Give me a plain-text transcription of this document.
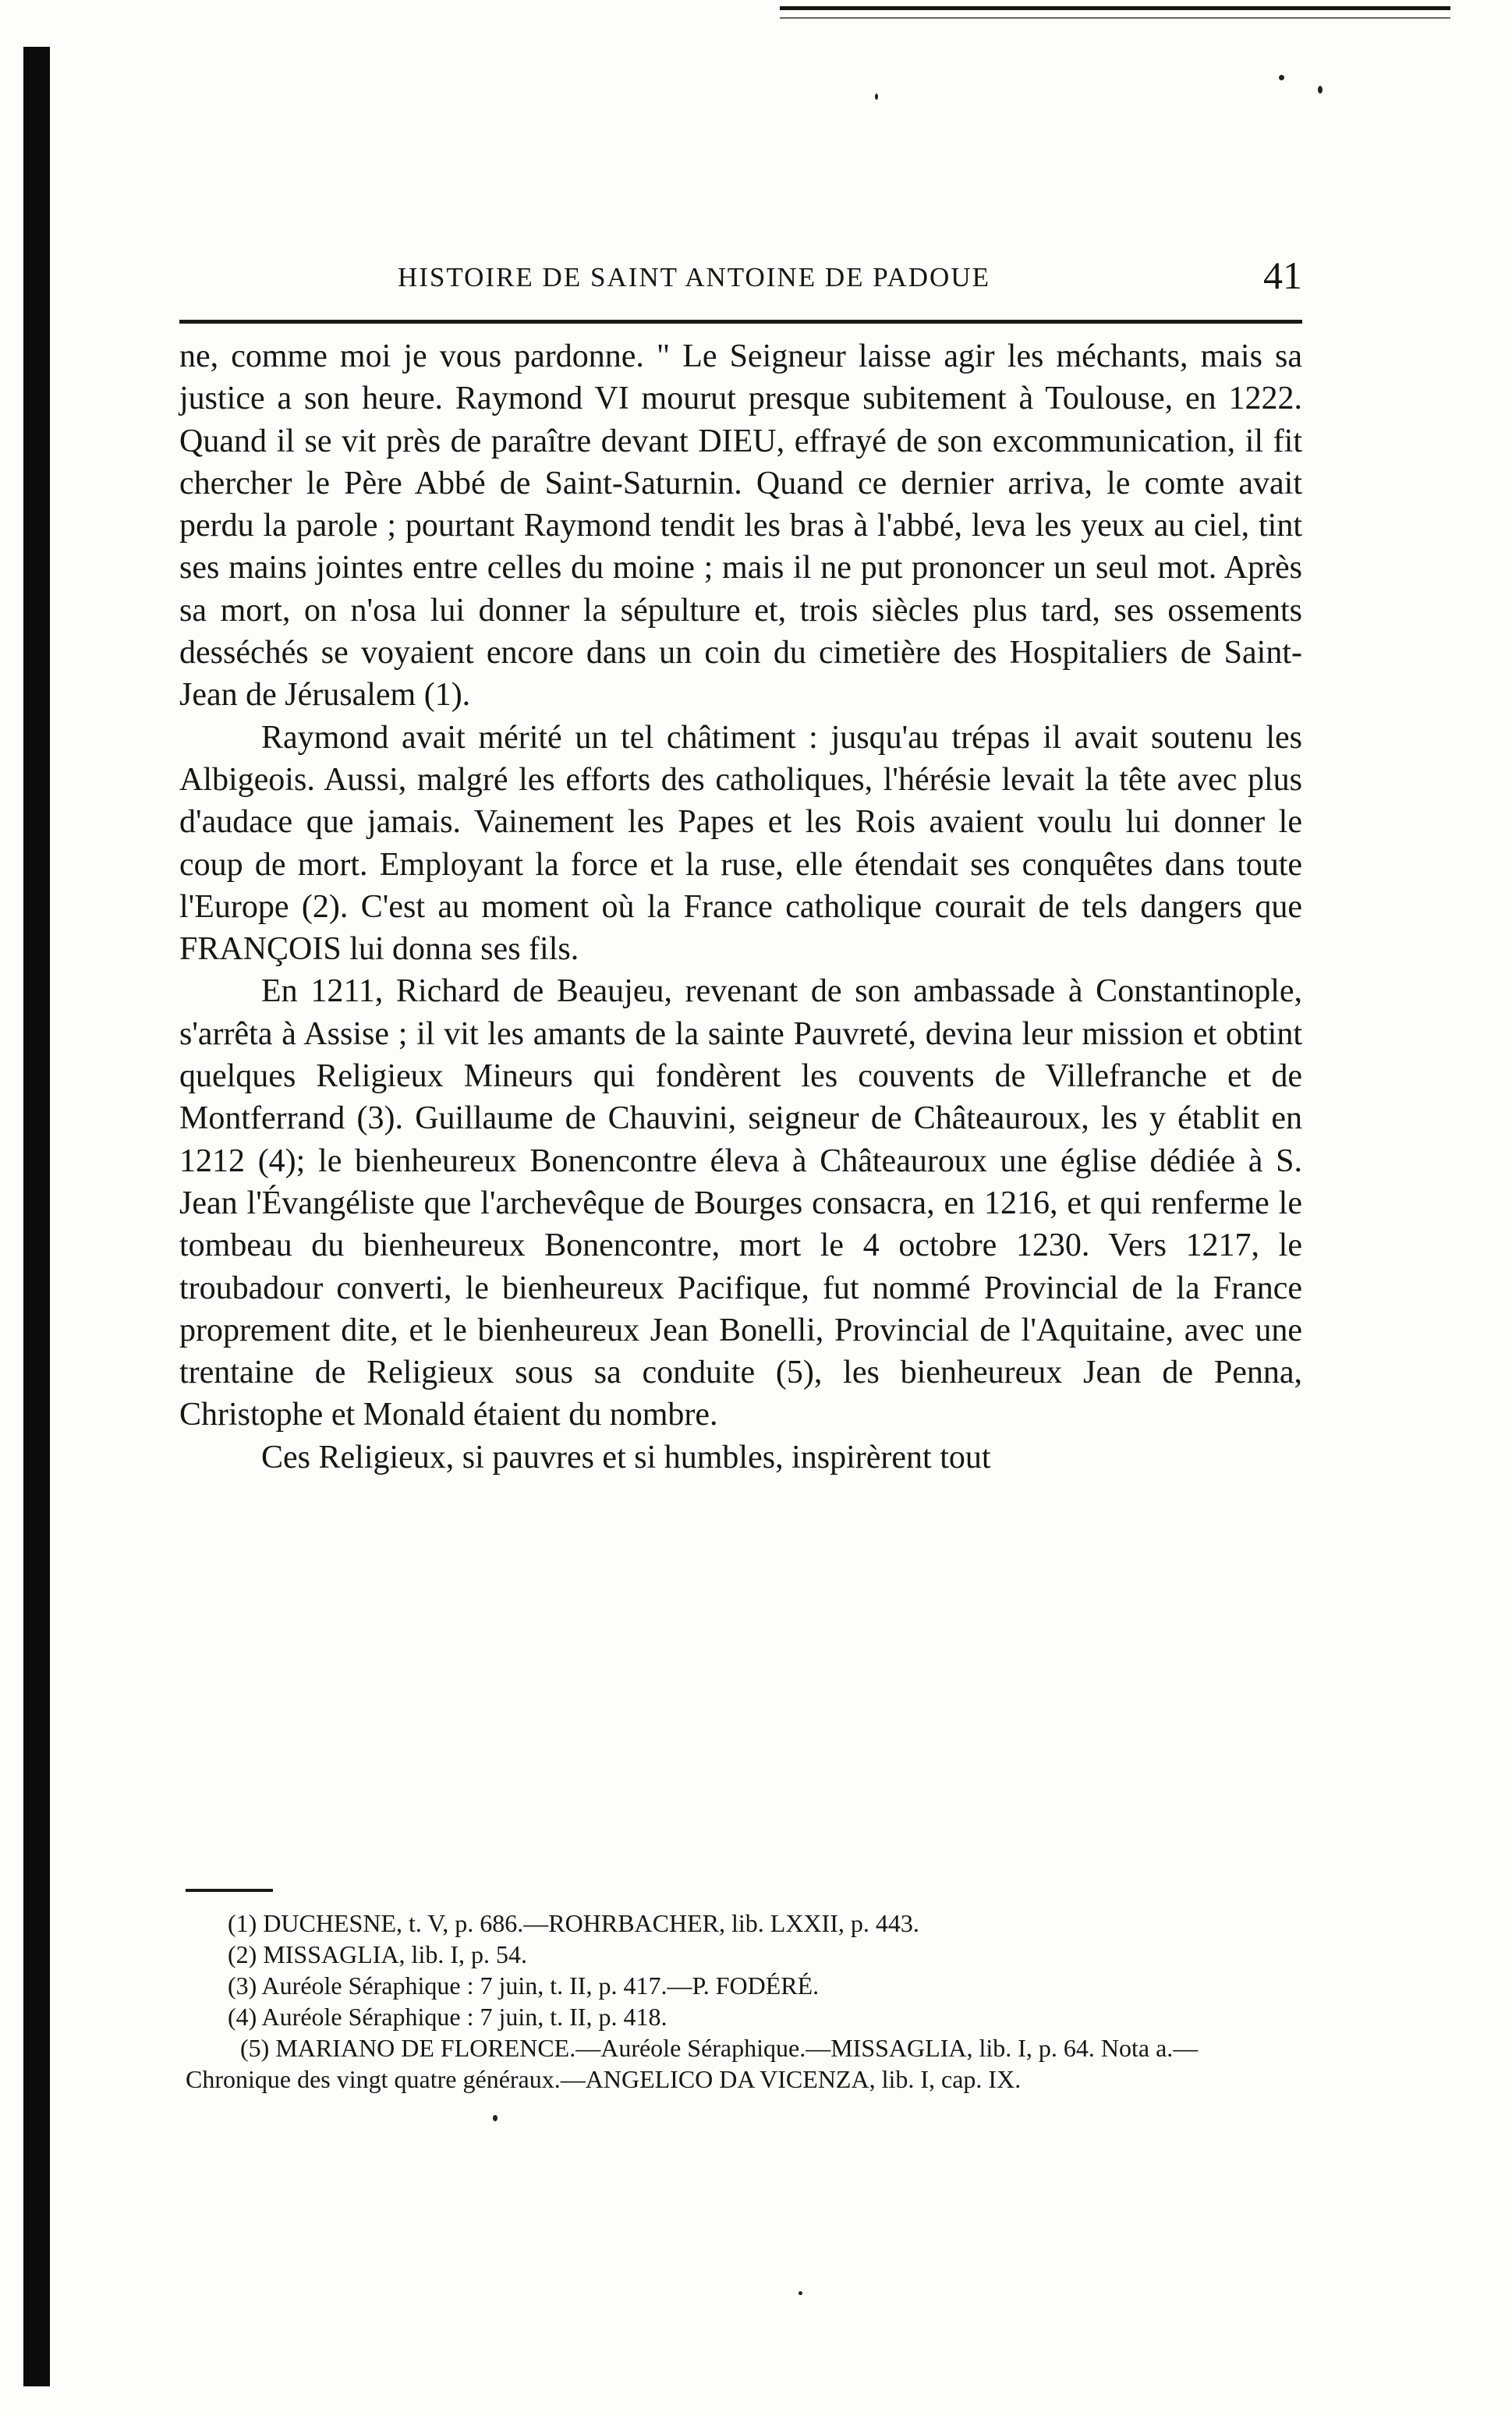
HISTOIRE DE SAINT ANTOINE DE PADOUE	41

ne, comme moi je vous pardonne. " Le Seigneur laisse agir les méchants, mais sa justice a son heure. Raymond VI mourut presque subitement à Toulouse, en 1222. Quand il se vit près de paraître devant DIEU, effrayé de son excommunication, il fit chercher le Père Abbé de Saint-Saturnin. Quand ce dernier arriva, le comte avait perdu la parole ; pourtant Raymond tendit les bras à l'abbé, leva les yeux au ciel, tint ses mains jointes entre celles du moine ; mais il ne put prononcer un seul mot. Après sa mort, on n'osa lui donner la sépulture et, trois siècles plus tard, ses ossements desséchés se voyaient encore dans un coin du cimetière des Hospitaliers de Saint-Jean de Jérusalem (1).

Raymond avait mérité un tel châtiment : jusqu'au trépas il avait soutenu les Albigeois. Aussi, malgré les efforts des catholiques, l'hérésie levait la tête avec plus d'audace que jamais. Vainement les Papes et les Rois avaient voulu lui donner le coup de mort. Employant la force et la ruse, elle étendait ses conquêtes dans toute l'Europe (2). C'est au moment où la France catholique courait de tels dangers que FRANÇOIS lui donna ses fils.

En 1211, Richard de Beaujeu, revenant de son ambassade à Constantinople, s'arrêta à Assise ; il vit les amants de la sainte Pauvreté, devina leur mission et obtint quelques Religieux Mineurs qui fondèrent les couvents de Villefranche et de Montferrand (3). Guillaume de Chauvini, seigneur de Châteauroux, les y établit en 1212 (4); le bienheureux Bonencontre éleva à Châteauroux une église dédiée à S. Jean l'Évangéliste que l'archevêque de Bourges consacra, en 1216, et qui renferme le tombeau du bienheureux Bonencontre, mort le 4 octobre 1230. Vers 1217, le troubadour converti, le bienheureux Pacifique, fut nommé Provincial de la France proprement dite, et le bienheureux Jean Bonelli, Provincial de l'Aquitaine, avec une trentaine de Religieux sous sa conduite (5), les bienheureux Jean de Penna, Christophe et Monald étaient du nombre.

Ces Religieux, si pauvres et si humbles, inspirèrent tout

(1) DUCHESNE, t. V, p. 686.—ROHRBACHER, lib. LXXII, p. 443.
(2) MISSAGLIA, lib. I, p. 54.
(3) Auréole Séraphique : 7 juin, t. II, p. 417.—P. FODÉRÉ.
(4) Auréole Séraphique : 7 juin, t. II, p. 418.
(5) MARIANO DE FLORENCE.—Auréole Séraphique.—MISSAGLIA, lib. I, p. 64. Nota a.—Chronique des vingt quatre généraux.—ANGELICO DA VICENZA, lib. I, cap. IX.
